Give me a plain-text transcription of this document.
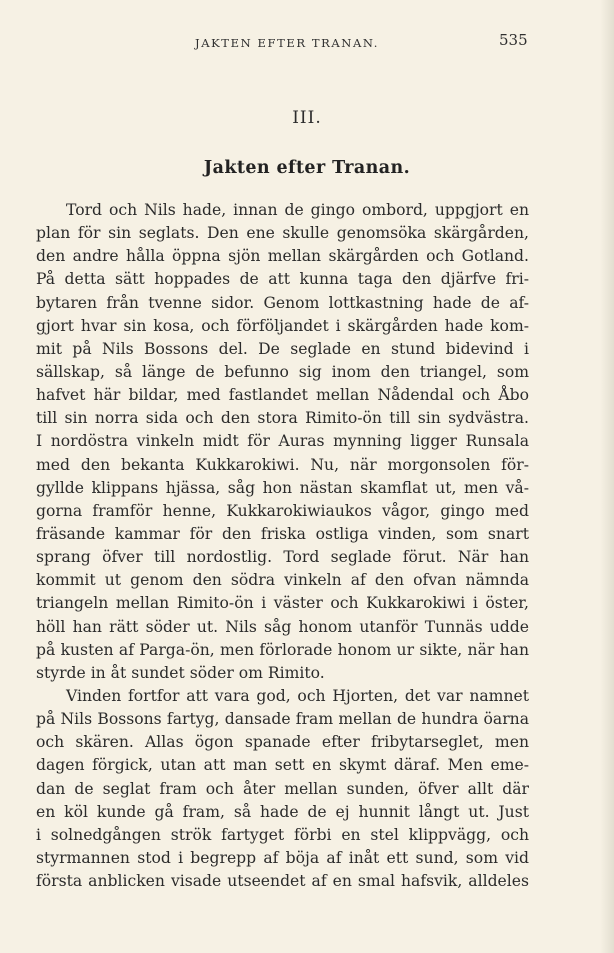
JAKTEN EFTER TRANAN.	535
III.
Jakten efter Tranan.
Tord och Nils hade, innan de gingo ombord, uppgjort en
plan för sin seglats. Den ene skulle genomsöka skärgården,
den andre hålla öppna sjön mellan skärgården och Gotland.
På detta sätt hoppades de att kunna taga den djärfve fri-
bytaren från tvenne sidor. Genom lottkastning hade de af-
gjort hvar sin kosa, och förföljandet i skärgården hade kom-
mit på Nils Bossons del. De seglade en stund bidevind i
sällskap, så länge de befunno sig inom den triangel, som
hafvet här bildar, med fastlandet mellan Nådendal och Åbo
till sin norra sida och den stora Rimito-ön till sin sydvästra.
I nordöstra vinkeln midt för Auras mynning ligger Runsala
med den bekanta Kukkarokiwi. Nu, när morgonsolen för-
gyllde klippans hjässa, såg hon nästan skamflat ut, men vå-
gorna framför henne, Kukkarokiwiaukos vågor, gingo med
fräsande kammar för den friska ostliga vinden, som snart
sprang öfver till nordostlig. Tord seglade förut. När han
kommit ut genom den södra vinkeln af den ofvan nämnda
triangeln mellan Rimito-ön i väster och Kukkarokiwi i öster,
höll han rätt söder ut. Nils såg honom utanför Tunnäs udde
på kusten af Parga-ön, men förlorade honom ur sikte, när han
styrde in åt sundet söder om Rimito.
Vinden fortfor att vara god, och Hjorten, det var namnet
på Nils Bossons fartyg, dansade fram mellan de hundra öarna
och skären. Allas ögon spanade efter fribytarseglet, men
dagen förgick, utan att man sett en skymt däraf. Men eme-
dan de seglat fram och åter mellan sunden, öfver allt där
en köl kunde gå fram, så hade de ej hunnit långt ut. Just
i solnedgången strök fartyget förbi en stel klippvägg, och
styrmannen stod i begrepp af böja af inåt ett sund, som vid
första anblicken visade utseendet af en smal hafsvik, alldeles
